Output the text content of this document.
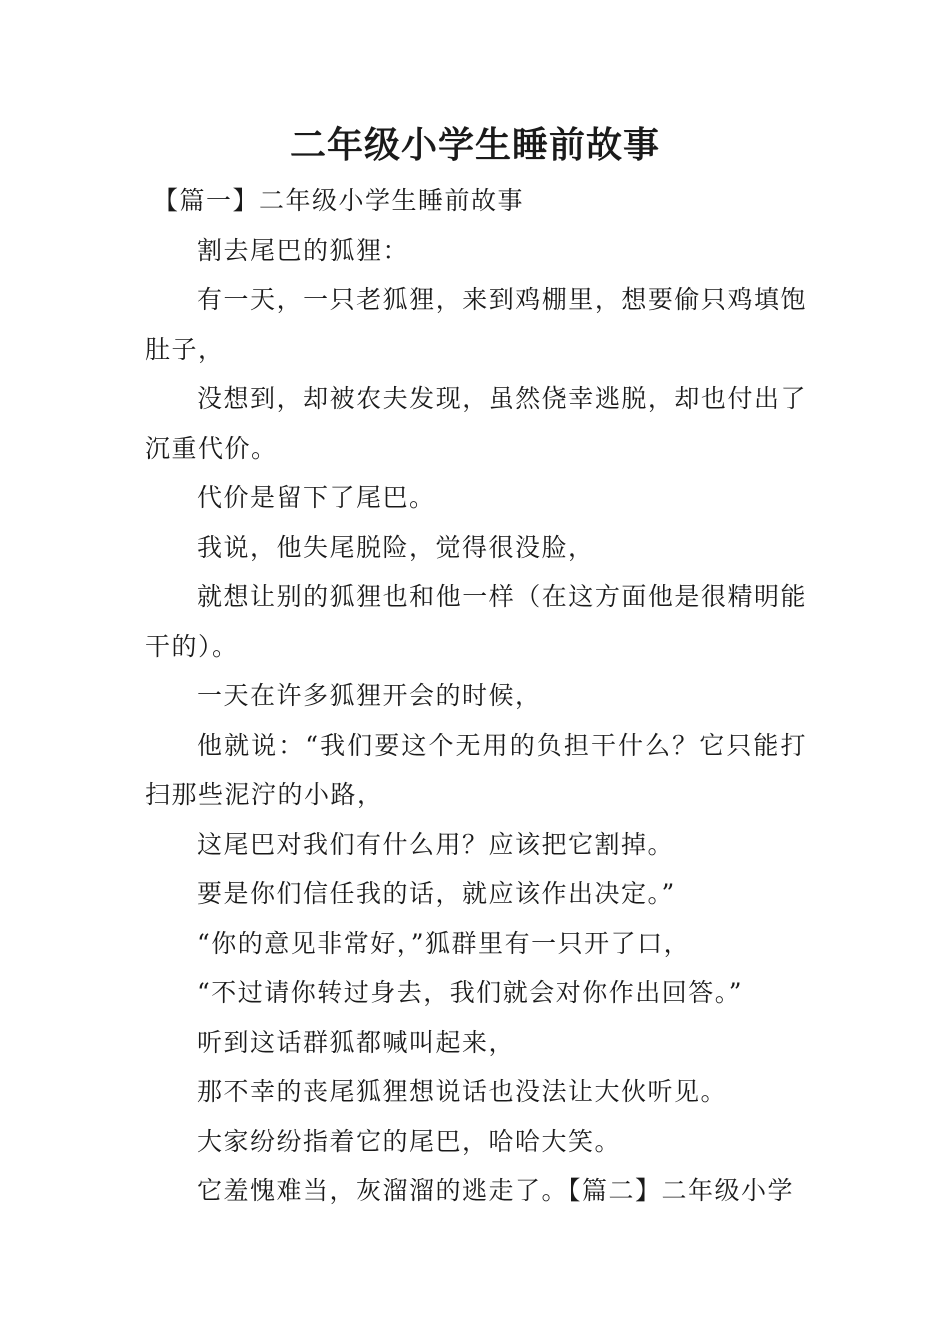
二年级小学生睡前故事

【篇一】二年级小学生睡前故事

割去尾巴的狐狸：

有一天，一只老狐狸，来到鸡棚里，想要偷只鸡填饱肚子，

没想到，却被农夫发现，虽然侥幸逃脱，却也付出了沉重代价。

代价是留下了尾巴。

我说，他失尾脱险，觉得很没脸，

就想让别的狐狸也和他一样（在这方面他是很精明能干的）。

一天在许多狐狸开会的时候，

他就说：“我们要这个无用的负担干什么？它只能打扫那些泥泞的小路，

这尾巴对我们有什么用？应该把它割掉。

要是你们信任我的话，就应该作出决定。”

“你的意见非常好，”狐群里有一只开了口，

“不过请你转过身去，我们就会对你作出回答。”

听到这话群狐都喊叫起来，

那不幸的丧尾狐狸想说话也没法让大伙听见。

大家纷纷指着它的尾巴，哈哈大笑。

它羞愧难当，灰溜溜的逃走了。【篇二】二年级小学
